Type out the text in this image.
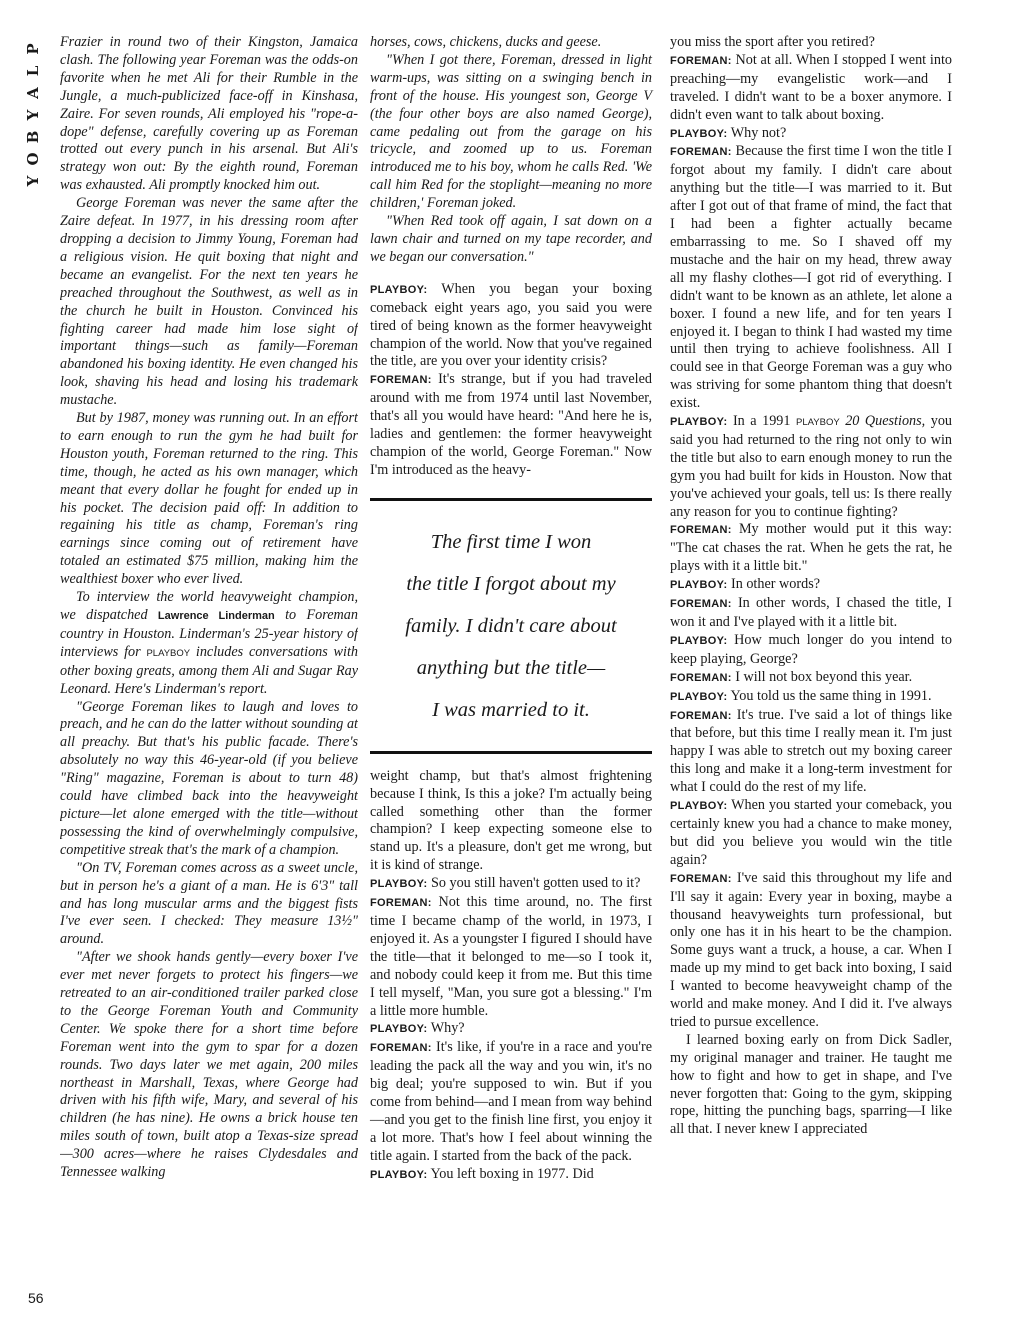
P
L
A
Y
B
O
Y

Frazier in round two of their Kingston, Jamaica clash. The following year Foreman was the odds-on favorite when he met Ali for their Rumble in the Jungle, a much-publicized face-off in Kinshasa, Zaire. For seven rounds, Ali employed his "rope-a-dope" defense, carefully covering up as Foreman trotted out every punch in his arsenal. But Ali's strategy won out: By the eighth round, Foreman was exhausted. Ali promptly knocked him out.

George Foreman was never the same after the Zaire defeat. In 1977, in his dressing room after dropping a decision to Jimmy Young, Foreman had a religious vision. He quit boxing that night and became an evangelist. For the next ten years he preached throughout the Southwest, as well as in the church he built in Houston. Convinced his fighting career had made him lose sight of important things—such as family—Foreman abandoned his boxing identity. He even changed his look, shaving his head and losing his trademark mustache.

But by 1987, money was running out. In an effort to earn enough to run the gym he had built for Houston youth, Foreman returned to the ring. This time, though, he acted as his own manager, which meant that every dollar he fought for ended up in his pocket. The decision paid off: In addition to regaining his title as champ, Foreman's ring earnings since coming out of retirement have totaled an estimated $75 million, making him the wealthiest boxer who ever lived.

To interview the world heavyweight champion, we dispatched Lawrence Linderman to Foreman country in Houston. Linderman's 25-year history of interviews for PLAYBOY includes conversations with other boxing greats, among them Ali and Sugar Ray Leonard. Here's Linderman's report.

"George Foreman likes to laugh and loves to preach, and he can do the latter without sounding at all preachy. But that's his public facade. There's absolutely no way this 46-year-old (if you believe "Ring" magazine, Foreman is about to turn 48) could have climbed back into the heavyweight picture—let alone emerged with the title—without possessing the kind of overwhelmingly compulsive, competitive streak that's the mark of a champion.

"On TV, Foreman comes across as a sweet uncle, but in person he's a giant of a man. He is 6'3" tall and has long muscular arms and the biggest fists I've ever seen. I checked: They measure 13½" around.

"After we shook hands gently—every boxer I've ever met never forgets to protect his fingers—we retreated to an air-conditioned trailer parked close to the George Foreman Youth and Community Center. We spoke there for a short time before Foreman went into the gym to spar for a dozen rounds. Two days later we met again, 200 miles northeast in Marshall, Texas, where George had driven with his fifth wife, Mary, and several of his children (he has nine). He owns a brick house ten miles south of town, built atop a Texas-size spread—300 acres—where he raises Clydesdales and Tennessee walking

horses, cows, chickens, ducks and geese.

"When I got there, Foreman, dressed in light warm-ups, was sitting on a swinging bench in front of the house. His youngest son, George V (the four other boys are also named George), came pedaling out from the garage on his tricycle, and zoomed up to us. Foreman introduced me to his boy, whom he calls Red. 'We call him Red for the stoplight—meaning no more children,' Foreman joked.

"When Red took off again, I sat down on a lawn chair and turned on my tape recorder, and we began our conversation."

PLAYBOY: When you began your boxing comeback eight years ago, you said you were tired of being known as the former heavyweight champion of the world. Now that you've regained the title, are you over your identity crisis?

FOREMAN: It's strange, but if you had traveled around with me from 1974 until last November, that's all you would have heard: "And here he is, ladies and gentlemen: the former heavyweight champion of the world, George Foreman." Now I'm introduced as the heavy-

The first time I won
the title I forgot about my
family. I didn't care about
anything but the title—
I was married to it.

weight champ, but that's almost frightening because I think, Is this a joke? I'm actually being called something other than the former champion? I keep expecting someone else to stand up. It's a pleasure, don't get me wrong, but it is kind of strange.

PLAYBOY: So you still haven't gotten used to it?

FOREMAN: Not this time around, no. The first time I became champ of the world, in 1973, I enjoyed it. As a youngster I figured I should have the title—that it belonged to me—so I took it, and nobody could keep it from me. But this time I tell myself, "Man, you sure got a blessing." I'm a little more humble.

PLAYBOY: Why?

FOREMAN: It's like, if you're in a race and you're leading the pack all the way and you win, it's no big deal; you're supposed to win. But if you come from behind—and I mean from way behind—and you get to the finish line first, you enjoy it a lot more. That's how I feel about winning the title again. I started from the back of the pack.

PLAYBOY: You left boxing in 1977. Did

you miss the sport after you retired?

FOREMAN: Not at all. When I stopped I went into preaching—my evangelistic work—and I traveled. I didn't want to be a boxer anymore. I didn't even want to talk about boxing.

PLAYBOY: Why not?

FOREMAN: Because the first time I won the title I forgot about my family. I didn't care about anything but the title—I was married to it. But after I got out of that frame of mind, the fact that I had been a fighter actually became embarrassing to me. So I shaved off my mustache and the hair on my head, threw away all my flashy clothes—I got rid of everything. I didn't want to be known as an athlete, let alone a boxer. I found a new life, and for ten years I enjoyed it. I began to think I had wasted my time until then trying to achieve foolishness. All I could see in that George Foreman was a guy who was striving for some phantom thing that doesn't exist.

PLAYBOY: In a 1991 PLAYBOY 20 Questions, you said you had returned to the ring not only to win the title but also to earn enough money to run the gym you had built for kids in Houston. Now that you've achieved your goals, tell us: Is there really any reason for you to continue fighting?

FOREMAN: My mother would put it this way: "The cat chases the rat. When he gets the rat, he plays with it a little bit."

PLAYBOY: In other words?

FOREMAN: In other words, I chased the title, I won it and I've played with it a little bit.

PLAYBOY: How much longer do you intend to keep playing, George?

FOREMAN: I will not box beyond this year.

PLAYBOY: You told us the same thing in 1991.

FOREMAN: It's true. I've said a lot of things like that before, but this time I really mean it. I'm just happy I was able to stretch out my boxing career this long and make it a long-term investment for what I could do the rest of my life.

PLAYBOY: When you started your comeback, you certainly knew you had a chance to make money, but did you believe you would win the title again?

FOREMAN: I've said this throughout my life and I'll say it again: Every year in boxing, maybe a thousand heavyweights turn professional, but only one has it in his heart to be the champion. Some guys want a truck, a house, a car. When I made up my mind to get back into boxing, I said I wanted to become heavyweight champ of the world and make money. And I did it. I've always tried to pursue excellence.

I learned boxing early on from Dick Sadler, my original manager and trainer. He taught me how to fight and how to get in shape, and I've never forgotten that: Going to the gym, skipping rope, hitting the punching bags, sparring—I like all that. I never knew I appreciated

56
